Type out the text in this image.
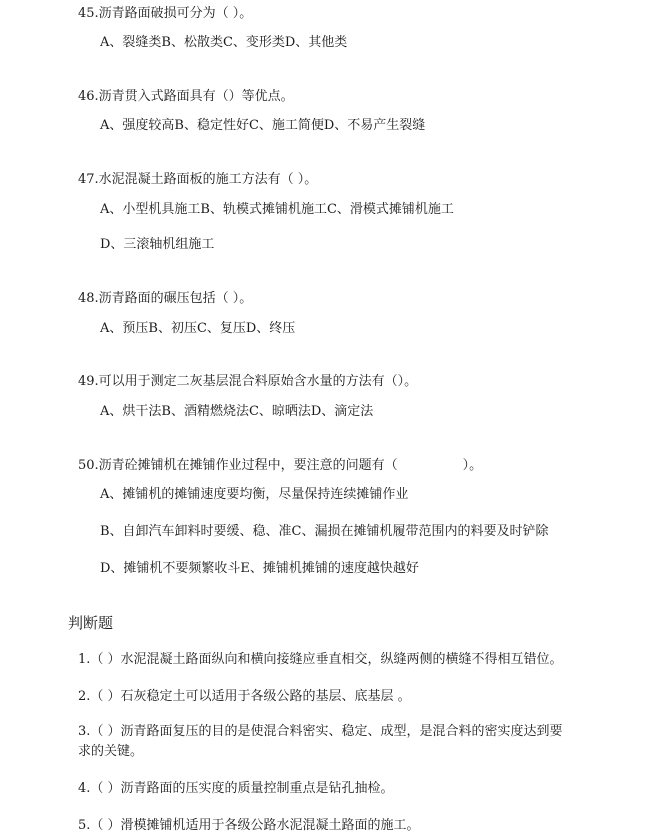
45.沥青路面破损可分为（ ）。
A、裂缝类B、松散类C、变形类D、其他类
46.沥青贯入式路面具有（）等优点。
A、强度较高B、稳定性好C、施工简便D、不易产生裂缝
47.水泥混凝土路面板的施工方法有（ ）。
A、小型机具施工B、轨模式摊铺机施工C、滑模式摊铺机施工
D、三滚轴机组施工
48.沥青路面的碾压包括（ ）。
A、预压B、初压C、复压D、终压
49.可以用于测定二灰基层混合料原始含水量的方法有（）。
A、烘干法B、酒精燃烧法C、晾晒法D、滴定法
50.沥青砼摊铺机在摊铺作业过程中，要注意的问题有（　　　　　）。
A、摊铺机的摊铺速度要均衡，尽量保持连续摊铺作业
B、自卸汽车卸料时要缓、稳、准C、漏损在摊铺机履带范围内的料要及时铲除
D、摊铺机不要频繁收斗E、摊铺机摊铺的速度越快越好
判断题
1.（ ）水泥混凝土路面纵向和横向接缝应垂直相交，纵缝两侧的横缝不得相互错位。
2.（ ）石灰稳定土可以适用于各级公路的基层、底基层 。
3.（ ）沥青路面复压的目的是使混合料密实、稳定、成型，是混合料的密实度达到要
求的关键。
4.（ ）沥青路面的压实度的质量控制重点是钻孔抽检。
5.（ ）滑模摊铺机适用于各级公路水泥混凝土路面的施工。
